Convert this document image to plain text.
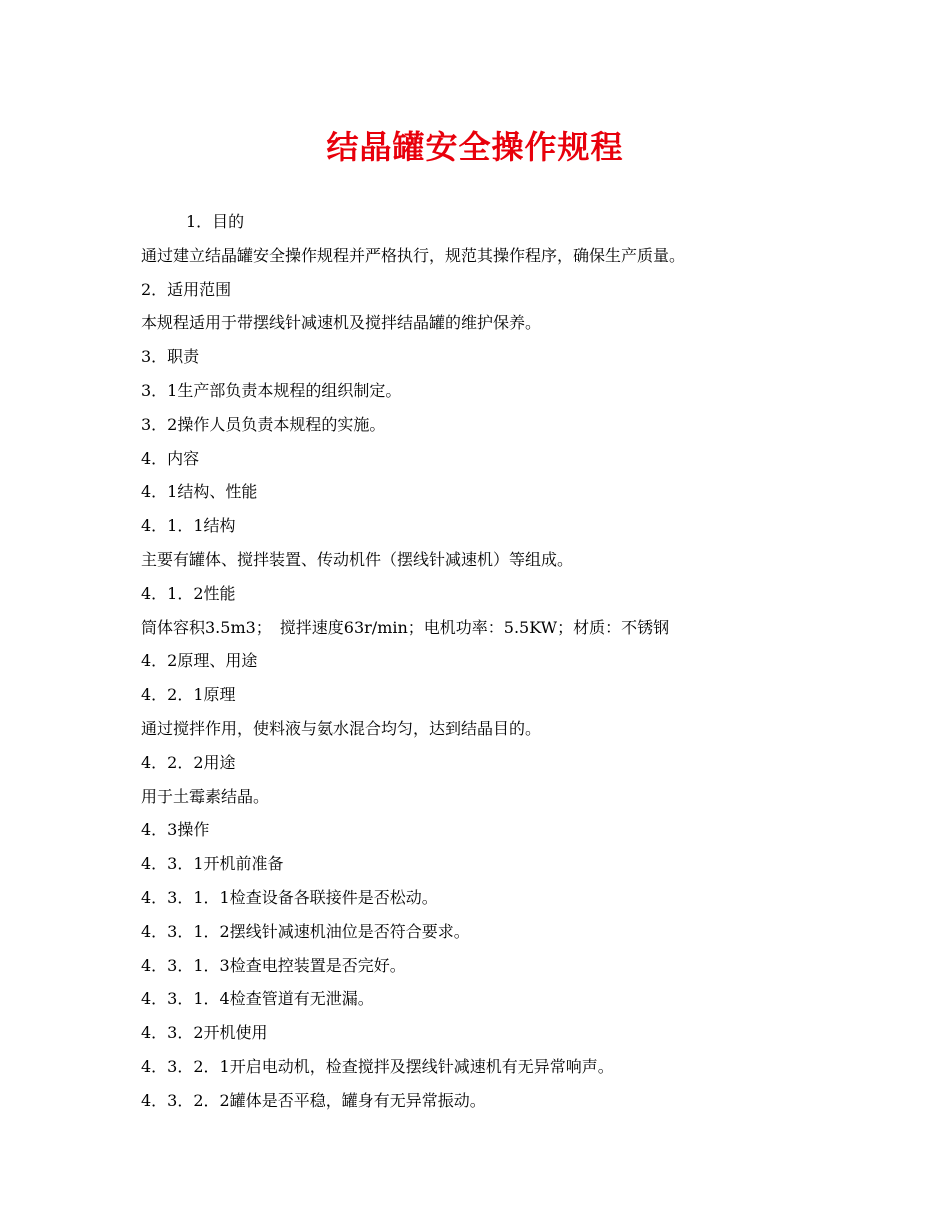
结晶罐安全操作规程
1．目的
通过建立结晶罐安全操作规程并严格执行，规范其操作程序，确保生产质量。
2．适用范围
本规程适用于带摆线针减速机及搅拌结晶罐的维护保养。
3．职责
3．1生产部负责本规程的组织制定。
3．2操作人员负责本规程的实施。
4．内容
4．1结构、性能
4．1．1结构
主要有罐体、搅拌装置、传动机件（摆线针减速机）等组成。
4．1．2性能
筒体容积3.5m3；　搅拌速度63r/min；电机功率：5.5KW；材质：不锈钢
4．2原理、用途
4．2．1原理
通过搅拌作用，使料液与氨水混合均匀，达到结晶目的。
4．2．2用途
用于土霉素结晶。
4．3操作
4．3．1开机前准备
4．3．1．1检查设备各联接件是否松动。
4．3．1．2摆线针减速机油位是否符合要求。
4．3．1．3检查电控装置是否完好。
4．3．1．4检查管道有无泄漏。
4．3．2开机使用
4．3．2．1开启电动机，检查搅拌及摆线针减速机有无异常响声。
4．3．2．2罐体是否平稳，罐身有无异常振动。
